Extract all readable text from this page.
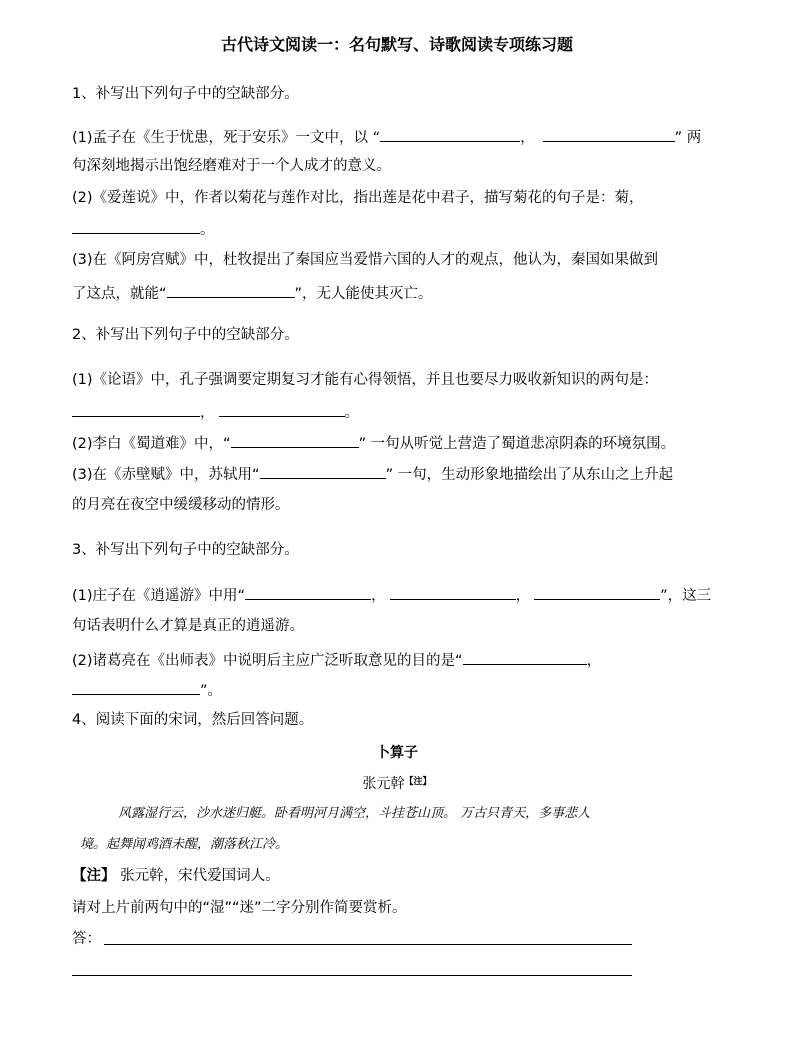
古代诗文阅读一：名句默写、诗歌阅读专项练习题
1、补写出下列句子中的空缺部分。
(1)孟子在《生于忧患，死于安乐》一文中，以 “	，	” 两
句深刻地揭示出饱经磨难对于一个人成才的意义。
(2)《爱莲说》中，作者以菊花与莲作对比，指出莲是花中君子，描写菊花的句子是：菊，
。
(3)在《阿房宫赋》中，杜牧提出了秦国应当爱惜六国的人才的观点，他认为，秦国如果做到
了这点，就能“	”，无人能使其灭亡。
2、补写出下列句子中的空缺部分。
(1)《论语》中，孔子强调要定期复习才能有心得领悟，并且也要尽力吸收新知识的两句是：
，	。
(2)李白《蜀道难》中，“	” 一句从听觉上营造了蜀道悲凉阴森的环境氛围。
(3)在《赤壁赋》中，苏轼用“	” 一句，生动形象地描绘出了从东山之上升起
的月亮在夜空中缓缓移动的情形。
3、补写出下列句子中的空缺部分。
(1)庄子在《逍遥游》中用“	，	，	”，这三
句话表明什么才算是真正的逍遥游。
(2)诸葛亮在《出师表》中说明后主应广泛听取意见的目的是“	，
”。
4、阅读下面的宋词，然后回答问题。
卜算子
张元幹$^{【注】}$
风露湿行云，沙水迷归艇。卧看明河月满空，斗挂苍山顶。 万古只青天，多事悲人
境。起舞闻鸡酒未醒，潮落秋江冷。
【注】 张元幹，宋代爱国词人。
请对上片前两句中的“湿”“迷”二字分别作简要赏析。
答：
